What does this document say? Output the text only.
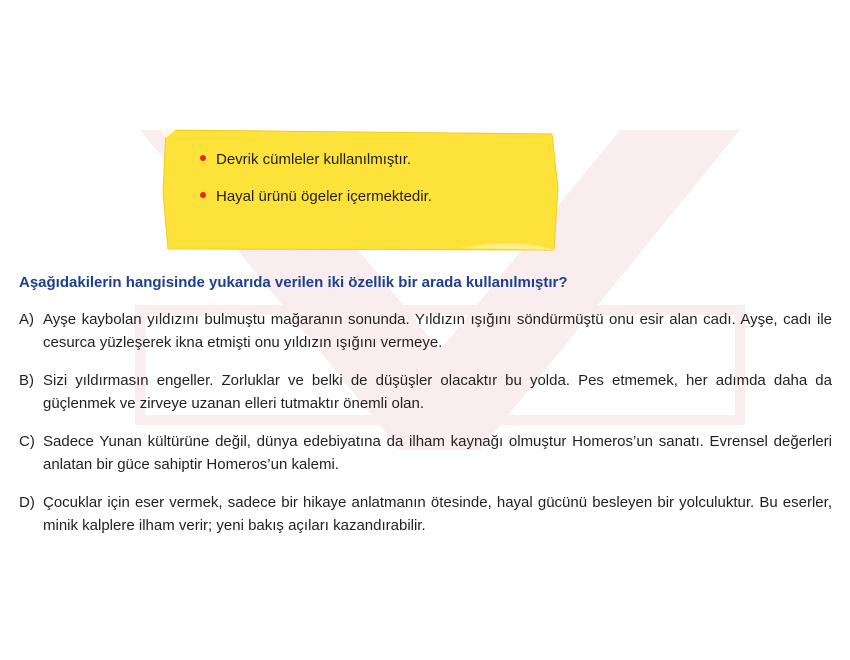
Devrik cümleler kullanılmıştır.
Hayal ürünü ögeler içermektedir.
Aşağıdakilerin hangisinde yukarıda verilen iki özellik bir arada kullanılmıştır?
A) Ayşe kaybolan yıldızını bulmuştu mağaranın sonunda. Yıldızın ışığını söndürmüştü onu esir alan cadı. Ayşe, cadı ile cesurca yüzleşerek ikna etmişti onu yıldızın ışığını vermeye.
B) Sizi yıldırmasın engeller. Zorluklar ve belki de düşüşler olacaktır bu yolda. Pes etmemek, her adımda daha da güçlenmek ve zirveye uzanan elleri tutmaktır önemli olan.
C) Sadece Yunan kültürüne değil, dünya edebiyatına da ilham kaynağı olmuştur Homeros’un sanatı. Evrensel değerleri anlatan bir güce sahiptir Homeros’un kalemi.
D) Çocuklar için eser vermek, sadece bir hikaye anlatmanın ötesinde, hayal gücünü besleyen bir yolculuktur. Bu eserler, minik kalplere ilham verir; yeni bakış açıları kazandırabilir.
